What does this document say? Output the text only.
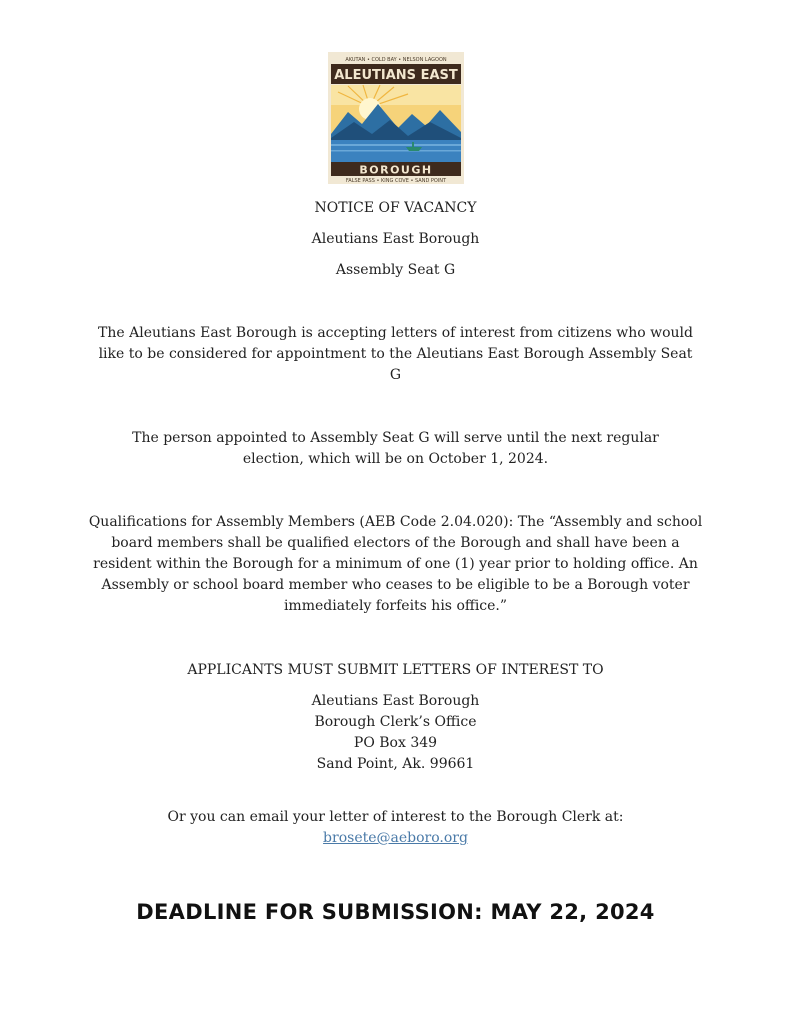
AKUTAN • COLD BAY • NELSON LAGOON
ALEUTIANS EAST
BOROUGH
FALSE PASS • KING COVE • SAND POINT
NOTICE OF VACANCY
Aleutians East Borough
Assembly Seat G
The Aleutians East Borough is accepting letters of interest from citizens who would like to be considered for appointment to the Aleutians East Borough Assembly Seat G
The person appointed to Assembly Seat G will serve until the next regular election, which will be on October 1, 2024.
Qualifications for Assembly Members (AEB Code 2.04.020): The “Assembly and school board members shall be qualified electors of the Borough and shall have been a resident within the Borough for a minimum of one (1) year prior to holding office. An Assembly or school board member who ceases to be eligible to be a Borough voter immediately forfeits his office.”
APPLICANTS MUST SUBMIT LETTERS OF INTEREST TO
Aleutians East Borough
Borough Clerk’s Office
PO Box 349
Sand Point, Ak. 99661
Or you can email your letter of interest to the Borough Clerk at:
brosete@aeboro.org
DEADLINE FOR SUBMISSION: MAY 22, 2024
